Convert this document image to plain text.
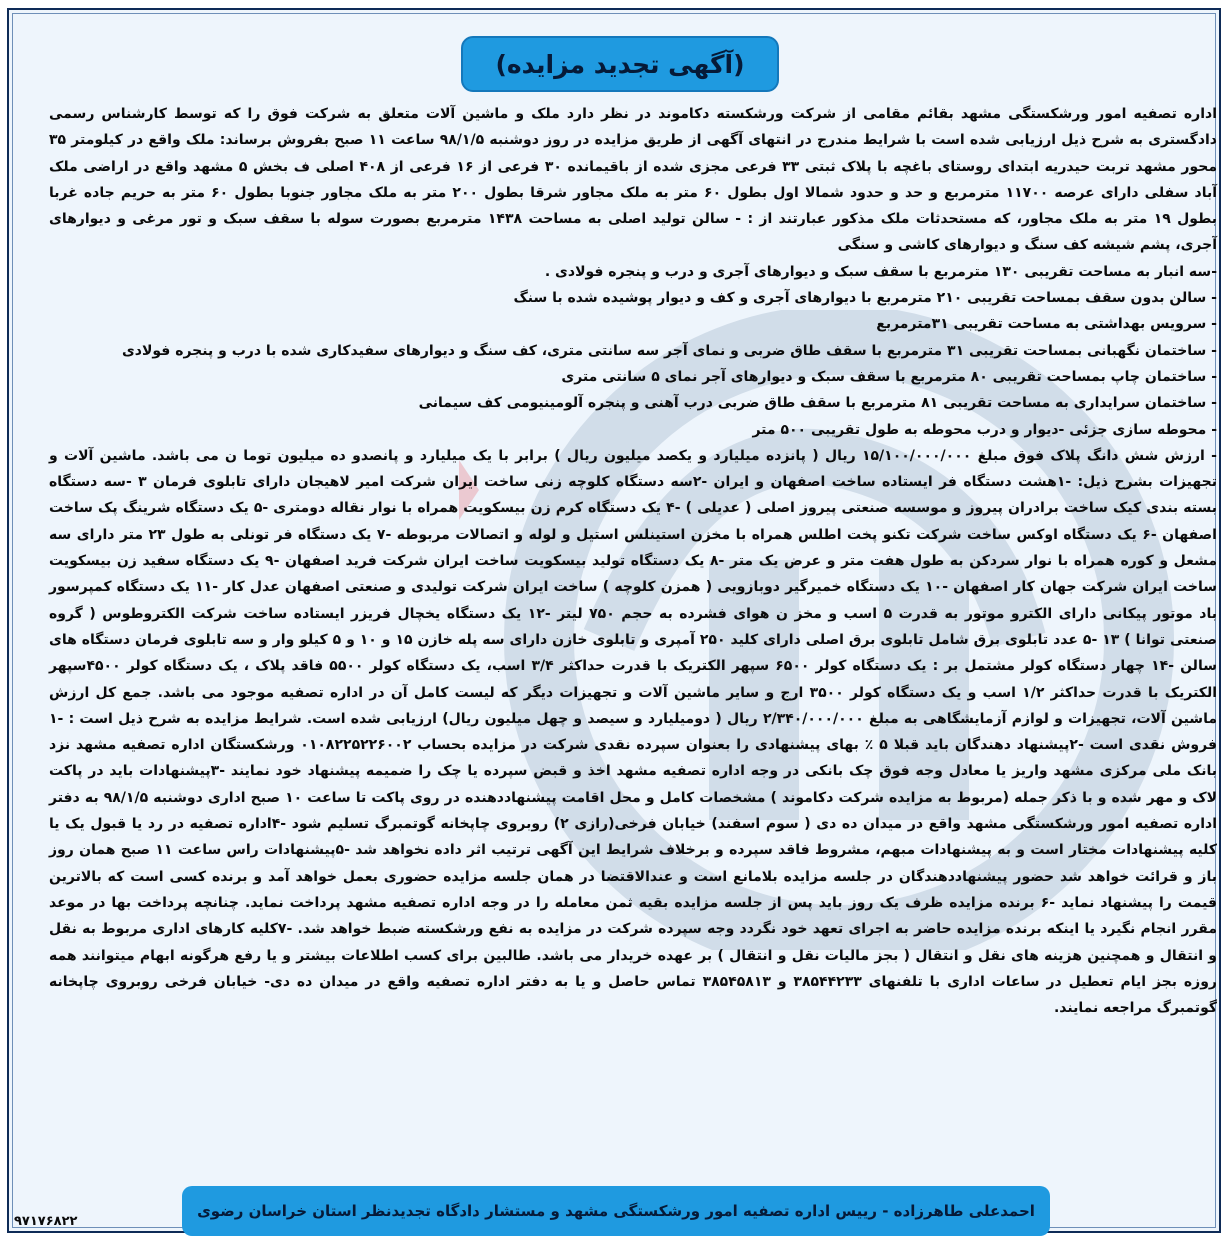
(آگهی تجدید مزایده)

اداره تصفیه امور ورشکستگی مشهد بقائم مقامی از شرکت ورشکسته دکاموند در نظر دارد ملک و ماشین آلات متعلق به شرکت فوق را که توسط کارشناس رسمی دادگستری به شرح ذیل ارزیابی شده است با شرایط مندرج در انتهای آگهی از طریق مزایده در روز دوشنبه ۹۸/۱/۵ ساعت ۱۱ صبح بفروش برساند: ملک واقع در کیلومتر ۳۵ محور مشهد تربت حیدریه ابتدای روستای باغچه با پلاک ثبتی ۳۳ فرعی مجزی شده از باقیمانده ۳۰ فرعی از ۱۶ فرعی از ۴۰۸ اصلی ف بخش ۵ مشهد واقع در اراضی ملک آباد سفلی دارای عرصه ۱۱۷۰۰ مترمربع و حد و حدود شمالا اول بطول ۶۰ متر به ملک مجاور شرقا بطول ۲۰۰ متر به ملک مجاور جنوبا بطول ۶۰ متر به حریم جاده غربا بطول ۱۹ متر به ملک مجاور، که مستحدثات ملک مذکور عبارتند از : - سالن تولید اصلی به مساحت ۱۴۳۸ مترمربع بصورت سوله با سقف سبک و تور مرغی و دیوارهای آجری، پشم شیشه کف سنگ و دیوارهای کاشی و سنگی

-سه انبار به مساحت تقریبی ۱۳۰ مترمربع با سقف سبک و دیوارهای آجری و درب و پنجره فولادی .

- سالن بدون سقف بمساحت تقریبی ۲۱۰ مترمربع با دیوارهای آجری و کف و دیوار پوشیده شده با سنگ

- سرویس بهداشتی به مساحت تقریبی ۳۱مترمربع

- ساختمان نگهبانی بمساحت تقریبی ۳۱ مترمربع با سقف طاق ضربی و نمای آجر سه سانتی متری، کف سنگ و دیوارهای سفیدکاری شده با درب و پنجره فولادی

- ساختمان چاپ بمساحت تقریبی ۸۰ مترمربع با سقف سبک و دیوارهای آجر نمای ۵ سانتی متری

- ساختمان سرایداری به مساحت تقریبی ۸۱ مترمربع با سقف طاق ضربی درب آهنی و پنجره آلومینیومی کف سیمانی

- محوطه سازی جزئی -دیوار و درب محوطه به طول تقریبی ۵۰۰ متر

- ارزش شش دانگ پلاک فوق مبلغ ۱۵/۱۰۰/۰۰۰/۰۰۰ ریال ( پانزده میلیارد و یکصد میلیون ریال ) برابر با یک میلیارد و پانصدو ده میلیون توما ن می باشد. ماشین آلات و تجهیزات بشرح ذیل: -۱هشت دستگاه فر ایستاده ساخت اصفهان و ایران -۲سه دستگاه کلوچه زنی ساخت ایران شرکت امیر لاهیجان دارای تابلوی فرمان ۳ -سه دستگاه بسته بندی کیک ساخت برادران پیروز و موسسه صنعتی پیروز اصلی ( عدیلی ) -۴ یک دستگاه کرم زن بیسکویت همراه با نوار نقاله دومتری -۵ یک دستگاه شرینگ پک ساخت اصفهان -۶ یک دستگاه اوکس ساخت شرکت تکنو پخت اطلس همراه با مخزن استینلس استیل و لوله و اتصالات مربوطه -۷ یک دستگاه فر تونلی به طول ۲۳ متر دارای سه مشعل و کوره همراه با نوار سردکن به طول هفت متر و عرض یک متر -۸ یک دستگاه تولید بیسکویت ساخت ایران شرکت فرید اصفهان -۹ یک دستگاه سفید زن بیسکویت ساخت ایران شرکت جهان کار اصفهان -۱۰ یک دستگاه خمیرگیر دوبازویی ( همزن کلوچه ) ساخت ایران شرکت تولیدی و صنعتی اصفهان عدل کار -۱۱ یک دستگاه کمپرسور باد موتور پیکانی دارای الکترو موتور به قدرت ۵ اسب و مخز ن هوای فشرده به حجم ۷۵۰ لیتر -۱۲ یک دستگاه یخچال فریزر ایستاده ساخت شرکت الکتروطوس ( گروه صنعتی توانا ) ۱۳ -۵ عدد تابلوی برق شامل تابلوی برق اصلی دارای کلید ۲۵۰ آمپری و تابلوی خازن دارای سه پله خازن ۱۵ و ۱۰ و ۵ کیلو وار و سه تابلوی فرمان دستگاه های سالن -۱۴ چهار دستگاه کولر مشتمل بر : یک دستگاه کولر ۶۵۰۰ سپهر الکتریک با قدرت حداکثر ۳/۴ اسب، یک دستگاه کولر ۵۵۰۰ فاقد پلاک ، یک دستگاه کولر ۴۵۰۰سپهر الکتریک با قدرت حداکثر ۱/۲ اسب و یک دستگاه کولر ۳۵۰۰ ارج و سایر ماشین آلات و تجهیزات دیگر که لیست کامل آن در اداره تصفیه موجود می باشد. جمع کل ارزش ماشین آلات، تجهیزات و لوازم آزمایشگاهی به مبلغ ۲/۳۴۰/۰۰۰/۰۰۰ ریال ( دومیلیارد و سیصد و چهل میلیون ریال) ارزیابی شده است. شرایط مزایده به شرح ذیل است : -۱ فروش نقدی است -۲پیشنهاد دهندگان باید قبلا ۵ ٪ بهای پیشنهادی را بعنوان سپرده نقدی شرکت در مزایده بحساب ۰۱۰۸۲۲۵۲۲۶۰۰۲ ورشکستگان اداره تصفیه مشهد نزد بانک ملی مرکزی مشهد واریز یا معادل وجه فوق چک بانکی در وجه اداره تصفیه مشهد اخذ و قبض سپرده یا چک را ضمیمه پیشنهاد خود نمایند -۳پیشنهادات باید در پاکت لاک و مهر شده و با ذکر جمله (مربوط به مزایده شرکت دکاموند ) مشخصات کامل و محل اقامت پیشنهاددهنده در روی پاکت تا ساعت ۱۰ صبح اداری دوشنبه ۹۸/۱/۵ به دفتر اداره تصفیه امور ورشکستگی مشهد واقع در میدان ده دی ( سوم اسفند) خیابان فرخی(رازی ۲) روبروی چاپخانه گوتمبرگ تسلیم شود -۴اداره تصفیه در رد یا قبول یک یا کلیه پیشنهادات مختار است و به پیشنهادات مبهم، مشروط فاقد سپرده و برخلاف شرایط این آگهی ترتیب اثر داده نخواهد شد -۵پیشنهادات راس ساعت ۱۱ صبح همان روز باز و قرائت خواهد شد حضور پیشنهاددهندگان در جلسه مزایده بلامانع است و عندالاقتضا در همان جلسه مزایده حضوری بعمل خواهد آمد و برنده کسی است که بالاترین قیمت را پیشنهاد نماید -۶ برنده مزایده ظرف یک روز باید پس از جلسه مزایده بقیه ثمن معامله را در وجه اداره تصفیه مشهد پرداخت نماید. چنانچه پرداخت بها در موعد مقرر انجام نگیرد یا اینکه برنده مزایده حاضر به اجرای تعهد خود نگردد وجه سپرده شرکت در مزایده به نفع ورشکسته ضبط خواهد شد. -۷کلیه کارهای اداری مربوط به نقل و انتقال و همچنین هزینه های نقل و انتقال ( بجز مالیات نقل و انتقال ) بر عهده خریدار می باشد. طالبین برای کسب اطلاعات بیشتر و یا رفع هرگونه ابهام میتوانند همه روزه بجز ایام تعطیل در ساعات اداری با تلفنهای ۳۸۵۴۴۲۳۳ و ۳۸۵۴۵۸۱۳ تماس حاصل و یا به دفتر اداره تصفیه واقع در میدان ده دی- خیابان فرخی روبروی چاپخانه گوتمبرگ مراجعه نمایند.

احمدعلی طاهرزاده - رییس اداره تصفیه امور ورشکستگی مشهد و مستشار دادگاه تجدیدنظر استان خراسان رضوی
۹۷۱۷۶۸۲۲
